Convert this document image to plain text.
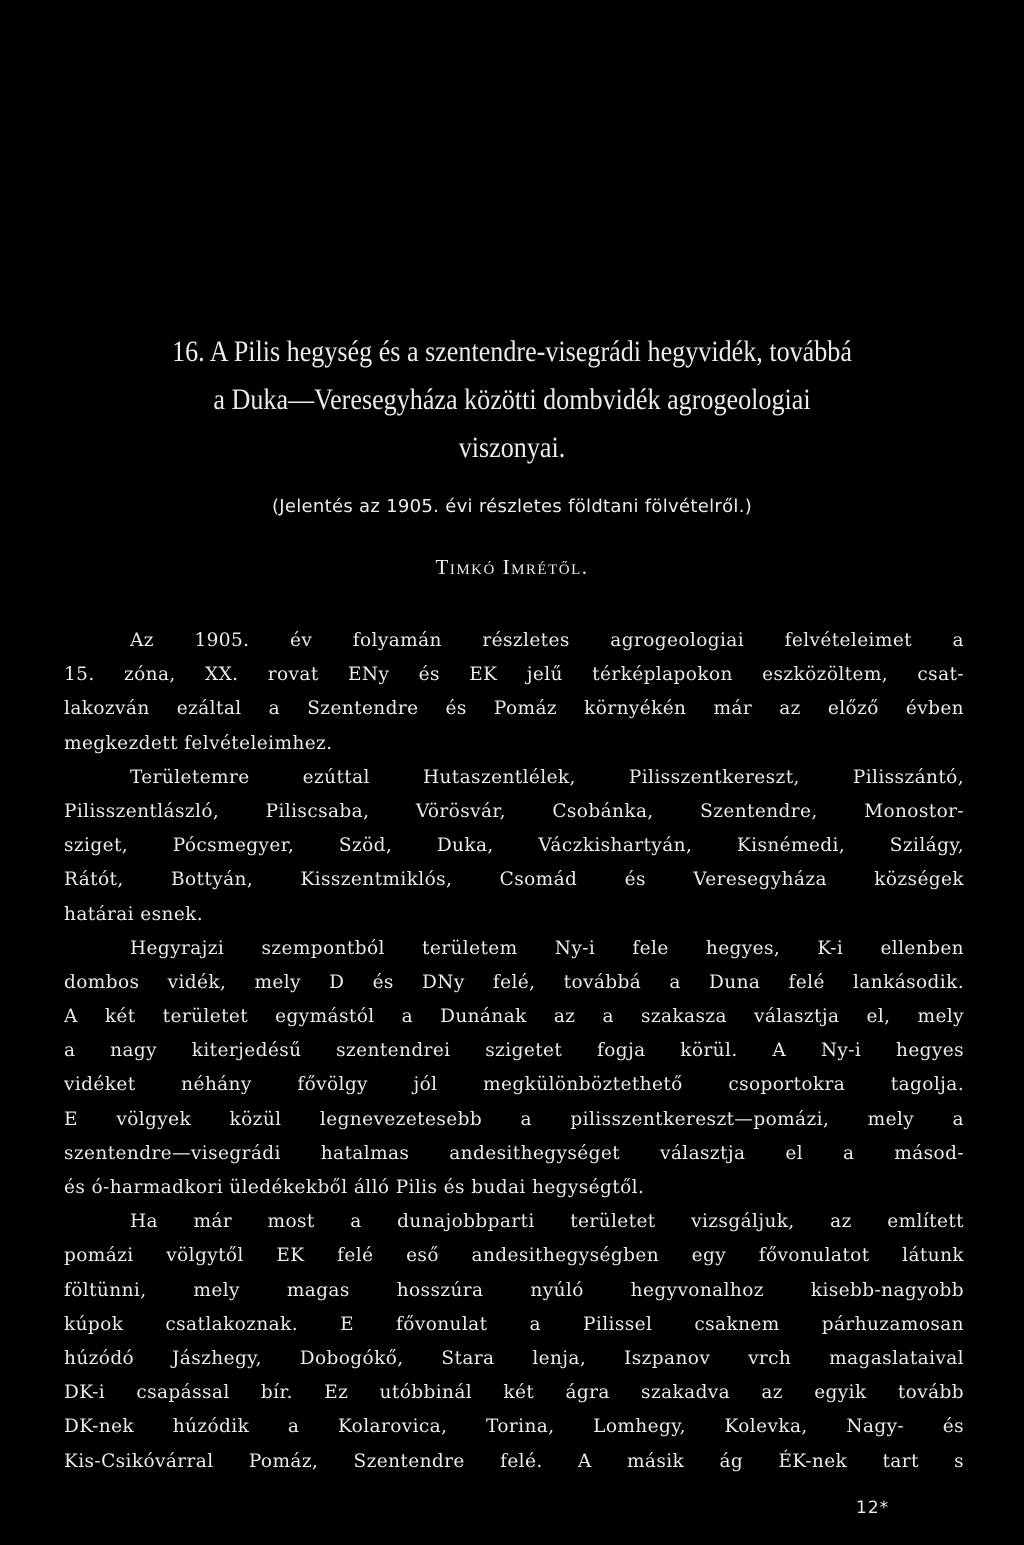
16. A Pilis hegység és a szentendre-visegrádi hegyvidék, továbbá
a Duka—Veresegyháza közötti dombvidék agrogeologiai
viszonyai.
(Jelentés az 1905. évi részletes földtani fölvételről.)
Timkó Imrétől.
Az 1905. év folyamán részletes agrogeologiai felvételeimet a
15. zóna, XX. rovat ENy és EK jelű térképlapokon eszközöltem, csat-
lakozván ezáltal a Szentendre és Pomáz környékén már az előző évben
megkezdett felvételeimhez.
Területemre ezúttal Hutaszentlélek, Pilisszentkereszt, Pilisszántó,
Pilisszentlászló, Piliscsaba, Vörösvár, Csobánka, Szentendre, Monostor-
sziget, Pócsmegyer, Szöd, Duka, Váczkishartyán, Kisnémedi, Szilágy,
Rátót, Bottyán, Kisszentmiklós, Csomád és Veresegyháza községek
határai esnek.
Hegyrajzi szempontból területem Ny-i fele hegyes, K-i ellenben
dombos vidék, mely D és DNy felé, továbbá a Duna felé lankásodik.
A két területet egymástól a Dunának az a szakasza választja el, mely
a nagy kiterjedésű szentendrei szigetet fogja körül. A Ny-i hegyes
vidéket néhány fővölgy jól megkülönböztethető csoportokra tagolja.
E völgyek közül legnevezetesebb a pilisszentkereszt—pomázi, mely a
szentendre—visegrádi hatalmas andesithegységet választja el a másod-
és ó-harmadkori üledékekből álló Pilis és budai hegységtől.
Ha már most a dunajobbparti területet vizsgáljuk, az említett
pomázi völgytől EK felé eső andesithegységben egy fővonulatot látunk
föltünni, mely magas hosszúra nyúló hegyvonalhoz kisebb-nagyobb
kúpok csatlakoznak. E fővonulat a Pilissel csaknem párhuzamosan
húzódó Jászhegy, Dobogókő, Stara lenja, Iszpanov vrch magaslataival
DK-i csapással bír. Ez utóbbinál két ágra szakadva az egyik tovább
DK-nek húzódik a Kolarovica, Torina, Lomhegy, Kolevka, Nagy- és
Kis-Csikóvárral Pomáz, Szentendre felé. A másik ág ÉK-nek tart s
12*
